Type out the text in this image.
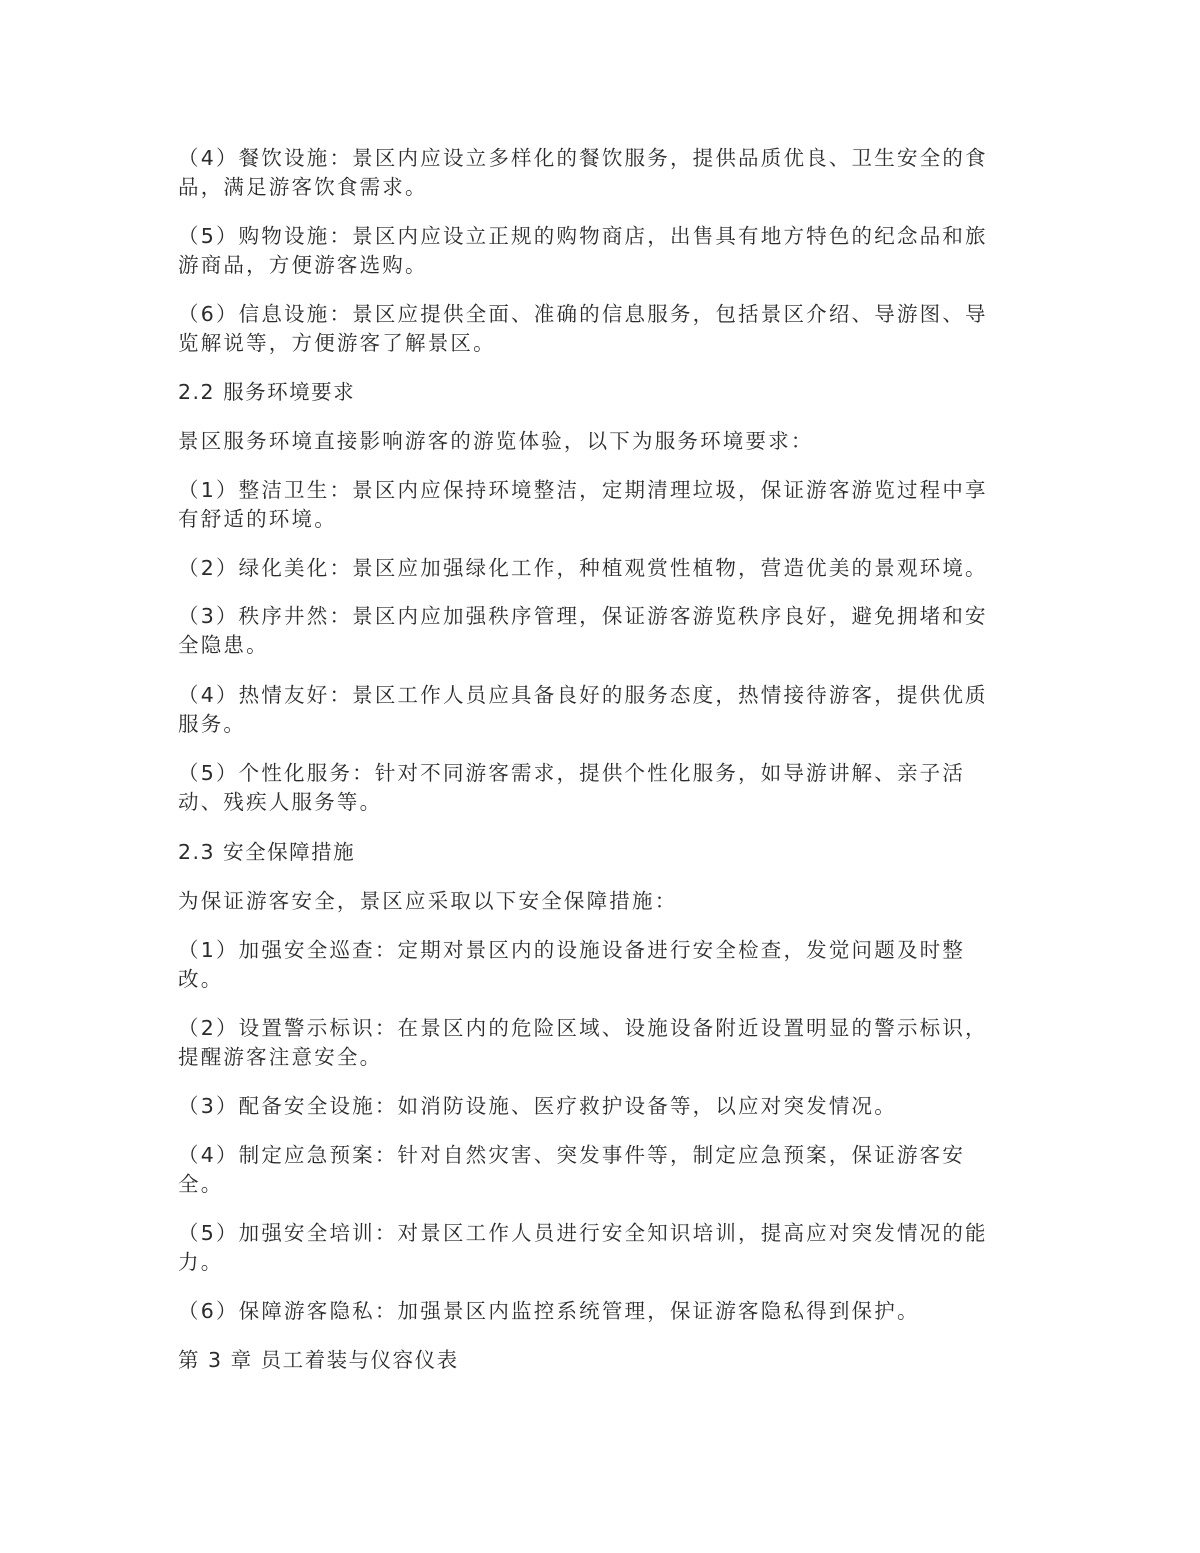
（4）餐饮设施：景区内应设立多样化的餐饮服务，提供品质优良、卫生安全的食
品，满足游客饮食需求。
（5）购物设施：景区内应设立正规的购物商店，出售具有地方特色的纪念品和旅
游商品，方便游客选购。
（6）信息设施：景区应提供全面、准确的信息服务，包括景区介绍、导游图、导
览解说等，方便游客了解景区。
2.2 服务环境要求
景区服务环境直接影响游客的游览体验，以下为服务环境要求：
（1）整洁卫生：景区内应保持环境整洁，定期清理垃圾，保证游客游览过程中享
有舒适的环境。
（2）绿化美化：景区应加强绿化工作，种植观赏性植物，营造优美的景观环境。
（3）秩序井然：景区内应加强秩序管理，保证游客游览秩序良好，避免拥堵和安
全隐患。
（4）热情友好：景区工作人员应具备良好的服务态度，热情接待游客，提供优质
服务。
（5）个性化服务：针对不同游客需求，提供个性化服务，如导游讲解、亲子活
动、残疾人服务等。
2.3 安全保障措施
为保证游客安全，景区应采取以下安全保障措施：
（1）加强安全巡查：定期对景区内的设施设备进行安全检查，发觉问题及时整
改。
（2）设置警示标识：在景区内的危险区域、设施设备附近设置明显的警示标识，
提醒游客注意安全。
（3）配备安全设施：如消防设施、医疗救护设备等，以应对突发情况。
（4）制定应急预案：针对自然灾害、突发事件等，制定应急预案，保证游客安
全。
（5）加强安全培训：对景区工作人员进行安全知识培训，提高应对突发情况的能
力。
（6）保障游客隐私：加强景区内监控系统管理，保证游客隐私得到保护。
第 3 章 员工着装与仪容仪表
